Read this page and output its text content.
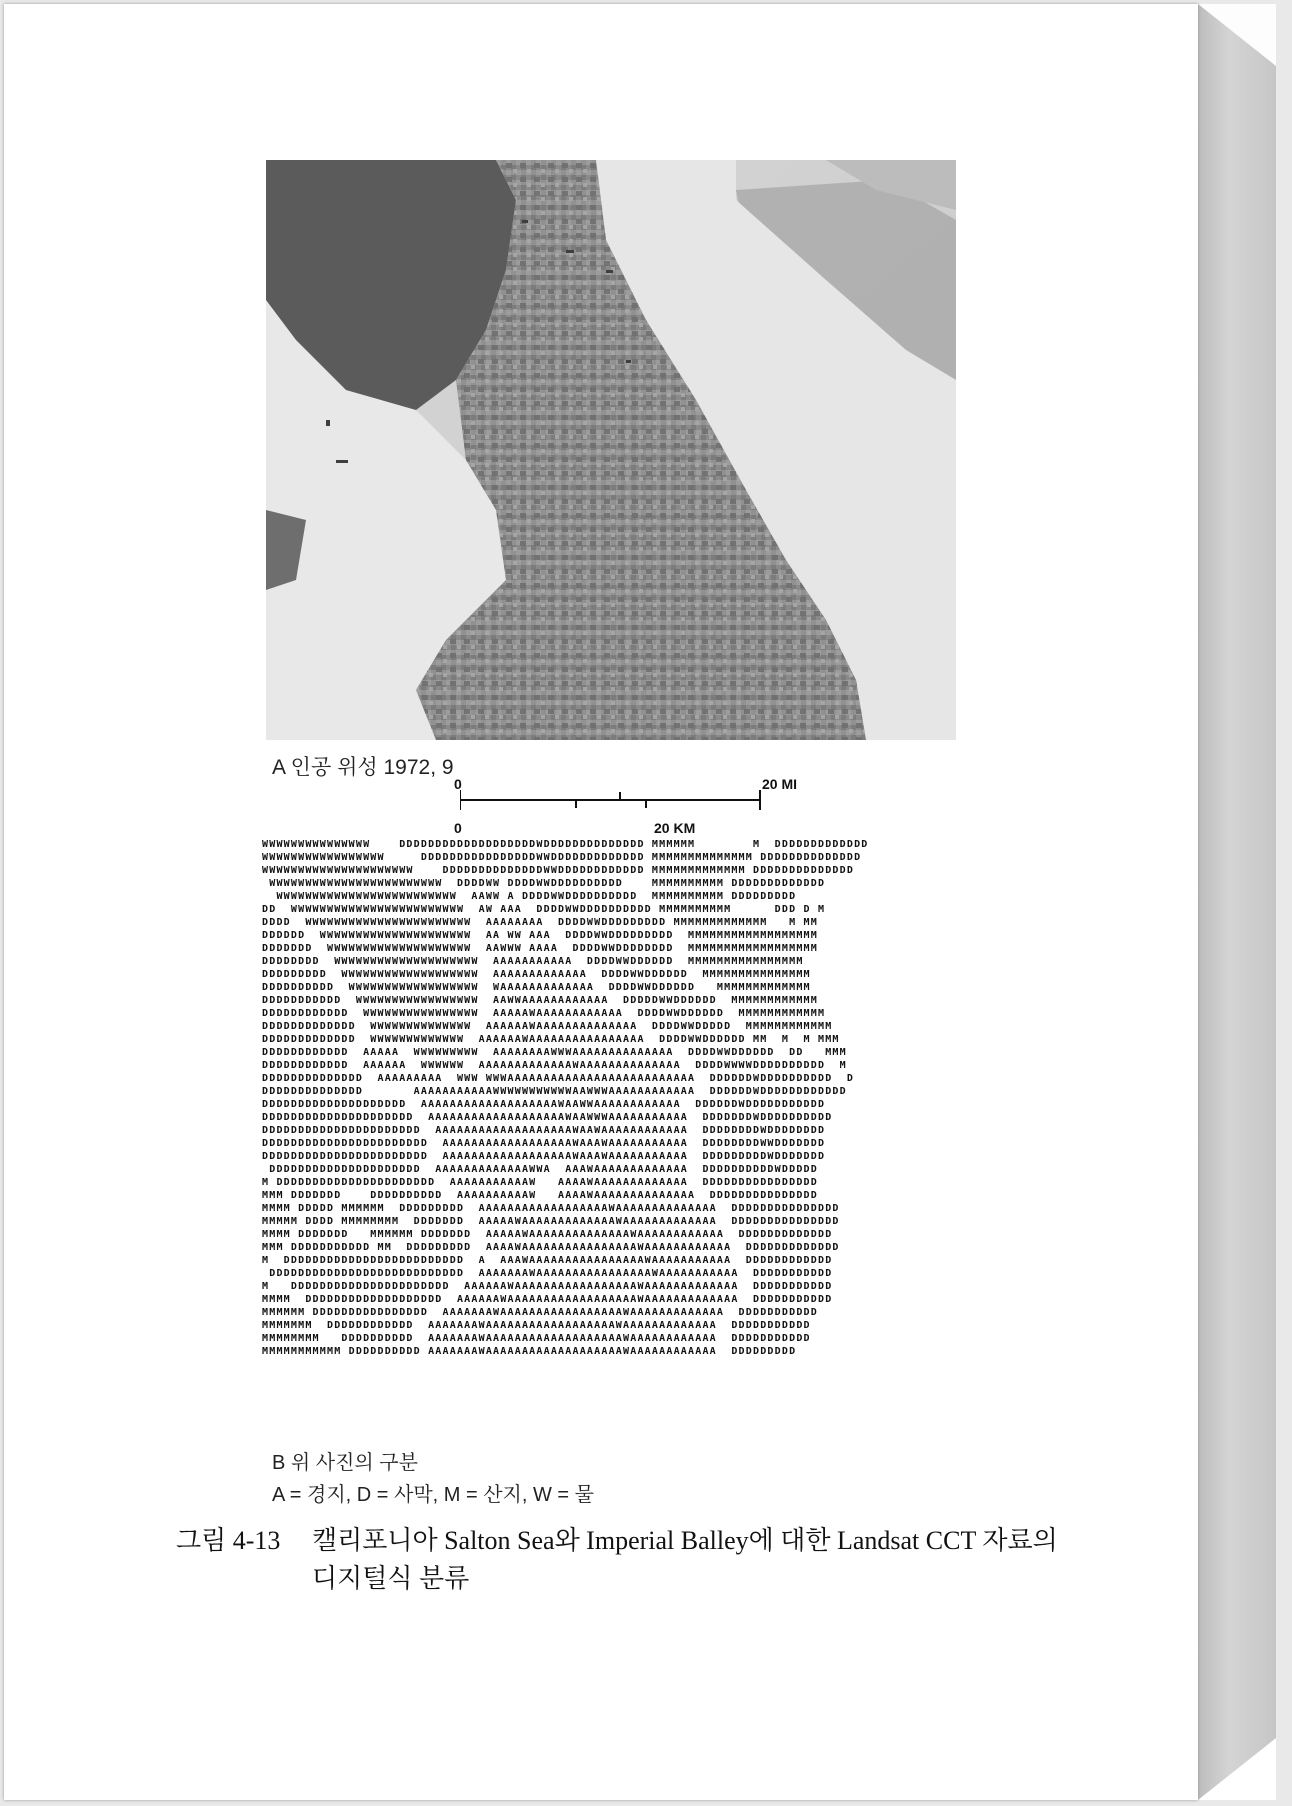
A 인공 위성 1972, 9
0	20 MI
0	20 KM
WWWWWWWWWWWWWWW    DDDDDDDDDDDDDDDDDDDWDDDDDDDDDDDDDD MMMMMM        M  DDDDDDDDDDDDD
WWWWWWWWWWWWWWWWW     DDDDDDDDDDDDDDDDWWDDDDDDDDDDDDD MMMMMMMMMMMMMM DDDDDDDDDDDDDD
WWWWWWWWWWWWWWWWWWWWW    DDDDDDDDDDDDDDWWDDDDDDDDDDDD MMMMMMMMMMMMM DDDDDDDDDDDDDD
WWWWWWWWWWWWWWWWWWWWWWWW  DDDDWW DDDDWWDDDDDDDDDD    MMMMMMMMMM DDDDDDDDDDDDD
WWWWWWWWWWWWWWWWWWWWWWWWW  AAWW A DDDDWWDDDDDDDDDD  MMMMMMMMMM DDDDDDDDD
DD  WWWWWWWWWWWWWWWWWWWWWWWW  AW AAA  DDDDWWDDDDDDDDDD MMMMMMMMMM      DDD D M
DDDD  WWWWWWWWWWWWWWWWWWWWWWW  AAAAAAAA  DDDDWWDDDDDDDDD MMMMMMMMMMMMM   M MM
DDDDDD  WWWWWWWWWWWWWWWWWWWWW  AA WW AAA  DDDDWWDDDDDDDDD  MMMMMMMMMMMMMMMMMM
DDDDDDD  WWWWWWWWWWWWWWWWWWWW  AAWWW AAAA  DDDDWWDDDDDDDD  MMMMMMMMMMMMMMMMMM
DDDDDDDD  WWWWWWWWWWWWWWWWWWWW  AAAAAAAAAAA  DDDDWWDDDDDD  MMMMMMMMMMMMMMMM
DDDDDDDDD  WWWWWWWWWWWWWWWWWWW  AAAAAAAAAAAAA  DDDDWWDDDDDD  MMMMMMMMMMMMMMM
DDDDDDDDDD  WWWWWWWWWWWWWWWWWW  WAAAAAAAAAAAAA  DDDDWWDDDDDD   MMMMMMMMMMMMM
DDDDDDDDDDD  WWWWWWWWWWWWWWWWW  AAWWAAAAAAAAAAAA  DDDDDWWDDDDDD  MMMMMMMMMMMM
DDDDDDDDDDDD  WWWWWWWWWWWWWWWW  AAAAAWAAAAAAAAAAAA  DDDDWWDDDDDD  MMMMMMMMMMMM
DDDDDDDDDDDDD  WWWWWWWWWWWWWW  AAAAAAWAAAAAAAAAAAAAA  DDDDWWDDDDD  MMMMMMMMMMMM
DDDDDDDDDDDDD  WWWWWWWWWWWWW  AAAAAAWAAAAAAAAAAAAAAAA  DDDDWWDDDDDD MM  M  M MMM
DDDDDDDDDDDD  AAAAA  WWWWWWWWW  AAAAAAAAWWWAAAAAAAAAAAAAA  DDDDWWDDDDDD  DD   MMM
DDDDDDDDDDDD  AAAAAA  WWWWWW  AAAAAAAAAAAAAWAAAAAAAAAAAAAA  DDDDWWWWDDDDDDDDDD  M
DDDDDDDDDDDDDD  AAAAAAAAA  WWW WWWAAAAAAAAAAAAAAAAAAAAAAAAAA  DDDDDDWDDDDDDDDDD  D
DDDDDDDDDDDDDD       AAAAAAAAAAAWWWWWWWWWWWAAWWWAAAAAAAAAAAA  DDDDDDWDDDDDDDDDDDD
DDDDDDDDDDDDDDDDDDDD  AAAAAAAAAAAAAAAAAAAWAAWWAAAAAAAAAAAA  DDDDDDWDDDDDDDDDDD
DDDDDDDDDDDDDDDDDDDDD  AAAAAAAAAAAAAAAAAAAWAAWWWAAAAAAAAAAA  DDDDDDDWDDDDDDDDDD
DDDDDDDDDDDDDDDDDDDDDD  AAAAAAAAAAAAAAAAAAAWAAWAAAAAAAAAAAA  DDDDDDDDWDDDDDDDD
DDDDDDDDDDDDDDDDDDDDDDD  AAAAAAAAAAAAAAAAAAWAAAWAAAAAAAAAAA  DDDDDDDDWWDDDDDDD
DDDDDDDDDDDDDDDDDDDDDDD  AAAAAAAAAAAAAAAAAAWAAAWAAAAAAAAAAA  DDDDDDDDDWDDDDDDD
DDDDDDDDDDDDDDDDDDDDD  AAAAAAAAAAAAAWWA  AAAWAAAAAAAAAAAAA  DDDDDDDDDDWDDDDD
M DDDDDDDDDDDDDDDDDDDDDD  AAAAAAAAAAAW   AAAAWAAAAAAAAAAAAA  DDDDDDDDDDDDDDDD
MMM DDDDDDD    DDDDDDDDDD  AAAAAAAAAAW   AAAAWAAAAAAAAAAAAAA  DDDDDDDDDDDDDDD
MMMM DDDDD MMMMMM  DDDDDDDDD  AAAAAAAAAAAAAAAAAAWAAAAAAAAAAAAAA  DDDDDDDDDDDDDDD
MMMMM DDDD MMMMMMMM  DDDDDDD  AAAAAWAAAAAAAAAAAAAWAAAAAAAAAAAAA  DDDDDDDDDDDDDDD
MMMM DDDDDDD   MMMMMM DDDDDDD  AAAAAWAAAAAAAAAAAAAAWAAAAAAAAAAAA  DDDDDDDDDDDDD
MMM DDDDDDDDDDD MM  DDDDDDDDD  AAAAWAAAAAAAAAAAAAAAAWAAAAAAAAAAAA  DDDDDDDDDDDDD
M  DDDDDDDDDDDDDDDDDDDDDDDDD  A  AAAWAAAAAAAAAAAAAAAAWAAAAAAAAAAA  DDDDDDDDDDDD
DDDDDDDDDDDDDDDDDDDDDDDDDDD  AAAAAAAWAAAAAAAAAAAAAAAAWAAAAAAAAAAA  DDDDDDDDDDD
M   DDDDDDDDDDDDDDDDDDDDDD  AAAAAAWAAAAAAAAAAAAAAAAAWAAAAAAAAAAAAA  DDDDDDDDDDD
MMMM  DDDDDDDDDDDDDDDDDDD  AAAAAAWAAAAAAAAAAAAAAAAAAWAAAAAAAAAAAAA  DDDDDDDDDDD
MMMMMM DDDDDDDDDDDDDDDD  AAAAAAAWAAAAAAAAAAAAAAAAAWAAAAAAAAAAAAA  DDDDDDDDDDD
MMMMMMM  DDDDDDDDDDDD  AAAAAAAWAAAAAAAAAAAAAAAAAAWAAAAAAAAAAAAA  DDDDDDDDDDD
MMMMMMMM   DDDDDDDDDD  AAAAAAAWAAAAAAAAAAAAAAAAAAAWAAAAAAAAAAAA  DDDDDDDDDDD
MMMMMMMMMMM DDDDDDDDDD AAAAAAAWAAAAAAAAAAAAAAAAAAAWAAAAAAAAAAAA  DDDDDDDDD
B 위 사진의 구분
A = 경지, D = 사막, M = 산지, W = 물
그림 4-13 캘리포니아 Salton Sea와 Imperial Balley에 대한 Landsat CCT 자료의
디지털식 분류
